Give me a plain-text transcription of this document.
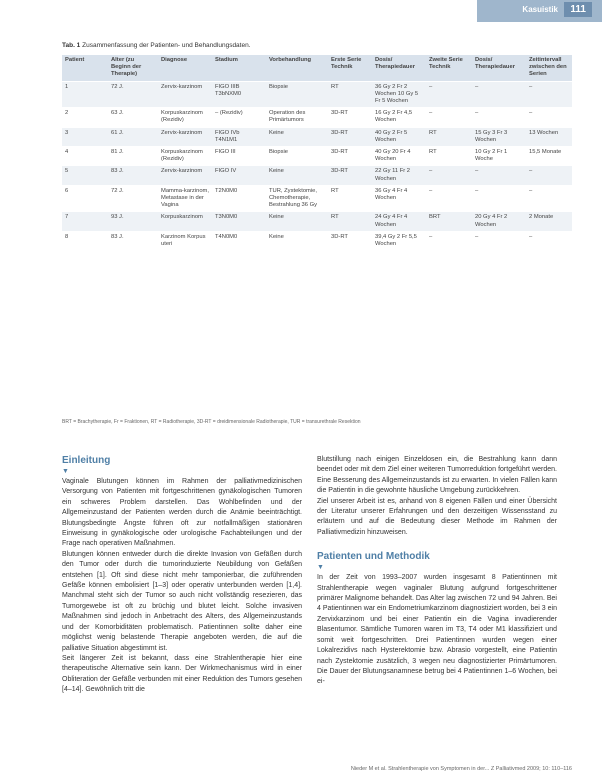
Kasuistik	111
Tab. 1 Zusammenfassung der Patienten- und Behandlungsdaten.
Patient	Alter (zu Beginn der Therapie)	Diagnose	Stadium	Vorbehandlung	Erste Serie Technik	Dosis/ Therapiedauer	Zweite Serie Technik	Dosis/ Therapiedauer	Zeitintervall zwischen den Serien
1	72 J.	Zervix-karzinom	FIGO IIIB T3bNXM0	Biopsie	RT	36 Gy 2 Fr 2 Wochen 10 Gy 5 Fr 5 Wochen	–	–	–
2	63 J.	Korpuskarzinom (Rezidiv)	– (Rezidiv)	Operation des Primärtumors	3D-RT	16 Gy 2 Fr 4,5 Wochen	–	–	–
3	61 J.	Zervix-karzinom	FIGO IVb T4N1M1	Keine	3D-RT	40 Gy 2 Fr 5 Wochen	RT	15 Gy 3 Fr 3 Wochen	13 Wochen
4	81 J.	Korpuskarzinom (Rezidiv)	FIGO III	Biopsie	3D-RT	40 Gy 20 Fr 4 Wochen	RT	10 Gy 2 Fr 1 Woche	15,5 Monate
5	83 J.	Zervix-karzinom	FIGO IV	Keine	3D-RT	22 Gy 11 Fr 2 Wochen	–	–	–
6	72 J.	Mamma-karzinom, Metastase in der Vagina	T2N0M0	TUR, Zystektomie, Chemotherapie, Bestrahlung 36 Gy	RT	36 Gy 4 Fr 4 Wochen	–	–	–
7	93 J.	Korpuskarzinom	T3N0M0	Keine	RT	24 Gy 4 Fr 4 Wochen	BRT	20 Gy 4 Fr 2 Wochen	2 Monate
8	83 J.	Karzinom Korpus uteri	T4N0M0	Keine	3D-RT	39,4 Gy 2 Fr 5,5 Wochen	–	–	–
BRT = Brachytherapie, Fr = Fraktionen, RT = Radiotherapie, 3D-RT = dreidimensionale Radiotherapie, TUR = transurethrale Resektion
Einleitung
▼

Vaginale Blutungen können im Rahmen der palliativmedizinischen Versorgung von Patienten mit fortgeschrittenen gynäkologischen Tumoren ein schweres Problem darstellen. Das Wohlbefinden und der Allgemeinzustand der Patienten werden durch die Anämie beeinträchtigt. Blutungsbedingte Ängste führen oft zur notfallmäßigen stationären Einweisung in gynäkologische oder urologische Fachabteilungen und der Frage nach operativen Maßnahmen.

Blutungen können entweder durch die direkte Invasion von Gefäßen durch den Tumor oder durch die tumorinduzierte Neubildung von Gefäßen entstehen [1]. Oft sind diese nicht mehr tamponierbar, die zuführenden Gefäße können embolisiert [1–3] oder operativ unterbunden werden [1,4]. Manchmal steht sich der Tumor so auch nicht vollständig resezieren, das Tumorgewebe ist oft zu brüchig und blutet leicht. Solche invasiven Maßnahmen sind jedoch in Anbetracht des Alters, des Allgemeinzustands und der Komorbiditäten problematisch. Patientinnen sollte daher eine möglichst wenig belastende Therapie angeboten werden, die auf die palliative Situation abgestimmt ist.

Seit längerer Zeit ist bekannt, dass eine Strahlentherapie hier eine therapeutische Alternative sein kann. Der Wirkmechanismus wird in einer Obliteration der Gefäße verbunden mit einer Reduktion des Tumors gesehen [4–14]. Gewöhnlich tritt die

Blutstillung nach einigen Einzeldosen ein, die Bestrahlung kann dann beendet oder mit dem Ziel einer weiteren Tumorreduktion fortgeführt werden. Eine Besserung des Allgemeinzustands ist zu erwarten. In vielen Fällen kann die Patientin in die gewohnte häusliche Umgebung zurückkehren.

Ziel unserer Arbeit ist es, anhand von 8 eigenen Fällen und einer Übersicht der Literatur unserer Erfahrungen und den derzeitigen Wissensstand zu erläutern und auf die Bedeutung dieser Methode im Rahmen der Palliativmedizin hinzuweisen.

Patienten und Methodik
▼

In der Zeit von 1993–2007 wurden insgesamt 8 Patientinnen mit Strahlentherapie wegen vaginaler Blutung aufgrund fortgeschrittener primärer Malignome behandelt. Das Alter lag zwischen 72 und 94 Jahren. Bei 4 Patientinnen war ein Endometriumkarzinom diagnostiziert worden, bei 3 ein Zervixkarzinom und bei einer Patientin ein die Vagina invadierender Blasentumor. Sämtliche Tumoren waren im T3, T4 oder M1 klassifiziert und somit weit fortgeschritten. Drei Patientinnen wurden wegen einer Lokalrezidivs nach Hysterektomie bzw. Abrasio vorgestellt, eine Patientin nach Zystektomie zusätzlich, 3 wegen neu diagnostizierter Primärtumoren. Die Dauer der Blutungsanamnese betrug bei 4 Patientinnen 1–6 Wochen, bei ei-

Nieder M et al. Strahlentherapie von Symptomen in der... Z Palliativmed 2009; 10: 110–116
